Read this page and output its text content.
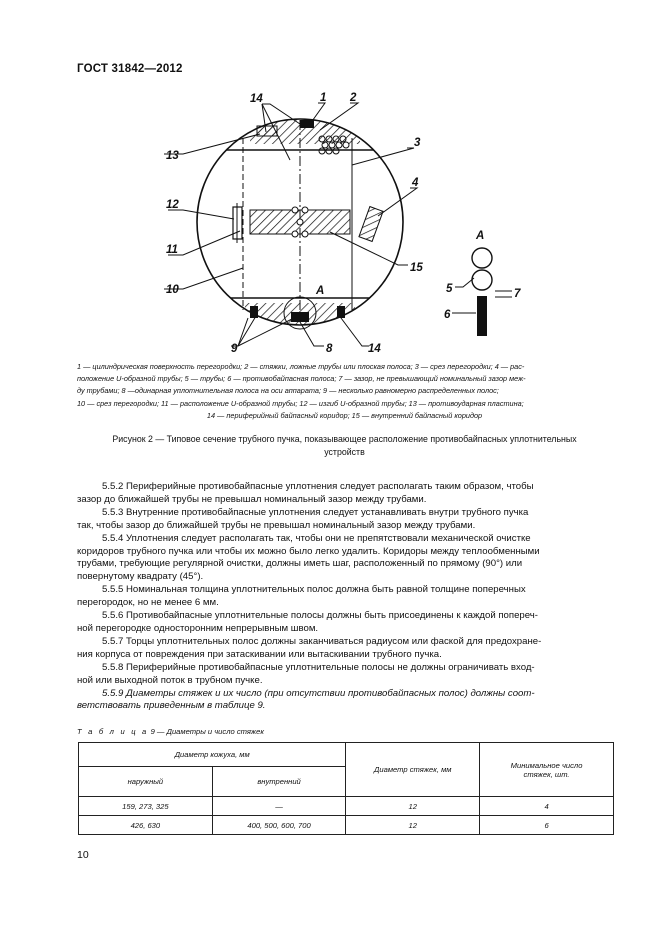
ГОСТ 31842—2012
14	1 2
3
4
13
12
11
10
15
А
9	8	14
А
5	7
6
1 — цилиндрическая поверхность перегородки; 2 — стяжки, ложные трубы или плоская полоса; 3 — срез перегородки; 4 — рас-
положение U-образной трубы; 5 — трубы; 6 — противобайпасная полоса; 7 — зазор, не превышающий номинальный зазор меж-
ду трубами; 8 —одинарная уплотнительная полоса на оси аппарата; 9 — несколько равномерно распределенных полос;
10 — срез перегородки; 11 — расположение U-образной трубы; 12 — изгиб U-образной трубы; 13 — противоударная пластина;
14 — периферийный байпасный коридор; 15 — внутренний байпасный коридор
Рисунок 2 — Типовое сечение трубного пучка, показывающее расположение противобайпасных уплотнительных
устройств

5.5.2 Периферийные противобайпасные уплотнения следует располагать таким образом, чтобы

зазор до ближайшей трубы не превышал номинальный зазор между трубами.

5.5.3 Внутренние противобайпасные уплотнения следует устанавливать внутри трубного пучка

так, чтобы зазор до ближайшей трубы не превышал номинальный зазор между трубами.

5.5.4 Уплотнения следует располагать так, чтобы они не препятствовали механической очистке

коридоров трубного пучка или чтобы их можно было легко удалить. Коридоры между теплообменными
трубами, требующие регулярной очистки, должны иметь шаг, расположенный по прямому (90°) или
повернутому квадрату (45°).

5.5.5 Номинальная толщина уплотнительных полос должна быть равной толщине поперечных

перегородок, но не менее 6 мм.

5.5.6 Противобайпасные уплотнительные полосы должны быть присоединены к каждой попереч-

ной перегородке односторонним непрерывным швом.

5.5.7 Торцы уплотнительных полос должны заканчиваться радиусом или фаской для предохране-

ния корпуса от повреждения при затаскивании или вытаскивании трубного пучка.

5.5.8 Периферийные противобайпасные уплотнительные полосы не должны ограничивать вход-

ной или выходной поток в трубном пучке.

5.5.9 Диаметры стяжек и их число (при отсутствии противобайпасных полос) должны соот-

ветствовать приведенным в таблице 9.
Т а б л и ц а 9 — Диаметры и число стяжек
Диаметр кожуха, мм		Диаметр стяжек, мм	Минимальное число стяжек, шт.
наружный	внутренний		
159, 273, 325	—	12	4
426, 630	400, 500, 600, 700	12	6
10
